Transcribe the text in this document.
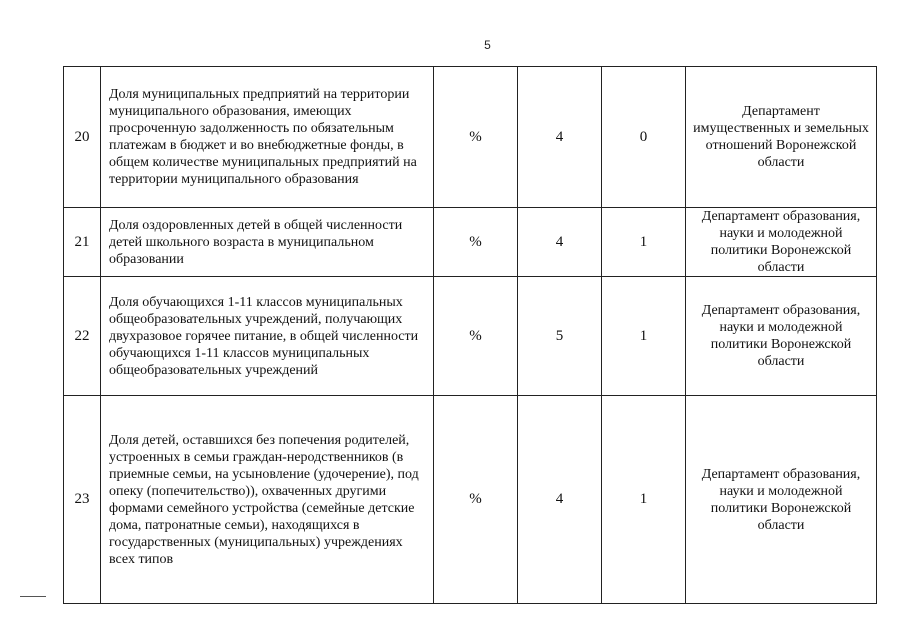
5
20	Доля муниципальных предприятий на территории муниципального образования, имеющих просроченную задолженность по обязательным платежам в бюджет и во внебюджетные фонды, в общем количестве муниципальных предприятий на территории муниципального образования	%	4	0	Департамент имущественных и земельных отношений Воронежской области
21	Доля оздоровленных детей в общей численности детей школьного возраста в муниципальном образовании	%	4	1	Департамент образования, науки и молодежной политики Воронежской области
22	Доля обучающихся 1-11 классов муниципальных общеобразовательных учреждений, получающих двухразовое горячее питание, в общей численности обучающихся 1-11 классов муниципальных общеобразовательных учреждений	%	5	1	Департамент образования, науки и молодежной политики Воронежской области
23	Доля детей, оставшихся без попечения родителей, устроенных в семьи граждан-неродственников (в приемные семьи, на усыновление (удочерение), под опеку (попечительство)), охваченных другими формами семейного устройства (семейные детские дома, патронатные семьи), находящихся в государственных (муниципальных) учреждениях всех типов	%	4	1	Департамент образования, науки и молодежной политики Воронежской области
